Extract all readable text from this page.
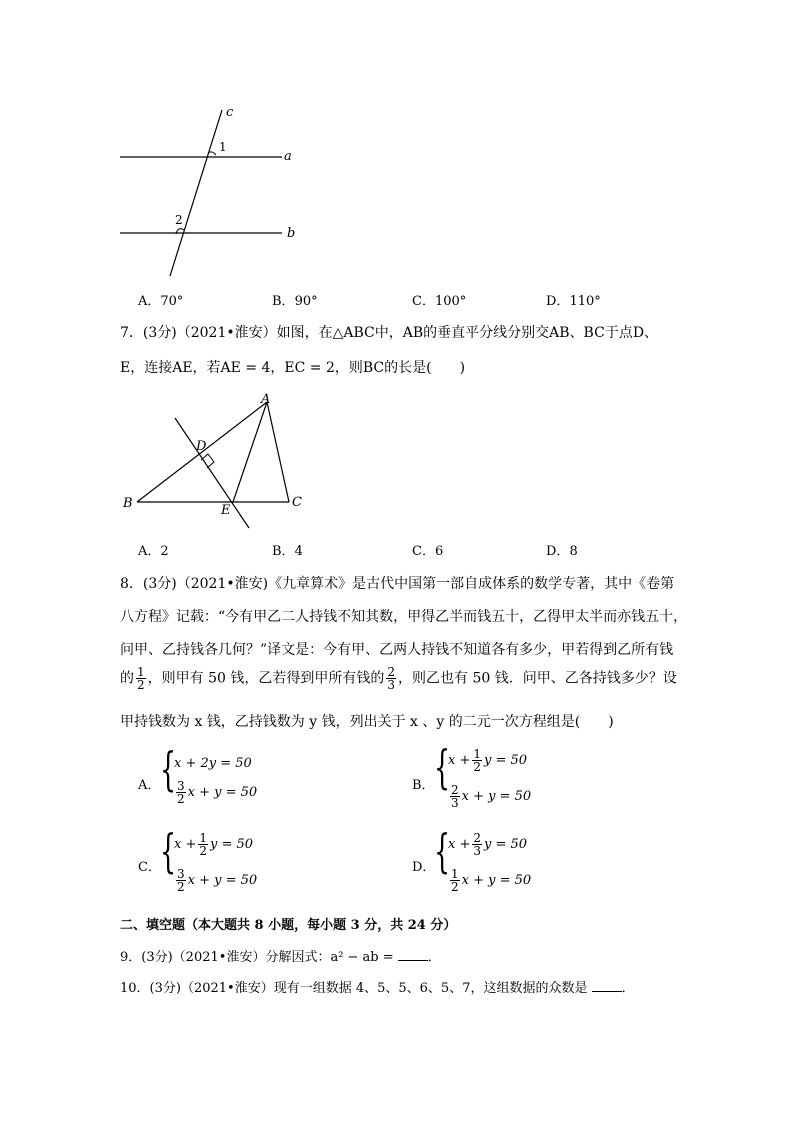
c
a
b
1
2
A．70°	B．90°	C．100°	D．110°
7．(3分)（2021•淮安）如图，在△ABC中，AB的垂直平分线分别交AB、BC于点D、
E，连接AE，若AE = 4，EC = 2，则BC的长是(　　)
A
B	C
D
E
A．2	B．4	C．6	D．8
8．(3分)（2021•淮安)《九章算术》是古代中国第一部自成体系的数学专著，其中《卷第
八方程》记载：“今有甲乙二人持钱不知其数，甲得乙半而钱五十，乙得甲太半而亦钱五十，
问甲、乙持钱各几何？”译文是：今有甲、乙两人持钱不知道各有多少，甲若得到乙所有钱
的 $\frac{1}{2}$ ，则甲有 50 钱，乙若得到甲所有钱的 $\frac{2}{3}$ ，则乙也有 50 钱．问甲、乙各持钱多少？设
甲持钱数为 x 钱，乙持钱数为 y 钱，列出关于 x 、y 的二元一次方程组是(　　)
A． {
x + 2y = 50
$\frac{3}{2}$ x + y = 50	B． {
$x + \frac{1}{2}$ y = 50
$\frac{2}{3}$ x + y = 50
C． {
$x + \frac{1}{2}$ y = 50
$\frac{3}{2}$ x + y = 50
D．
{
$x + \frac{2}{3}$ y = 50
$\frac{1}{2}$ x + y = 50
二、填空题（本大题共 8 小题，每小题 3 分，共 24 分）
9．(3分)（2021•淮安）分解因式：a² − ab =	．
10．(3分)（2021•淮安）现有一组数据 4、5、5、6、5、7，这组数据的众数是	．
